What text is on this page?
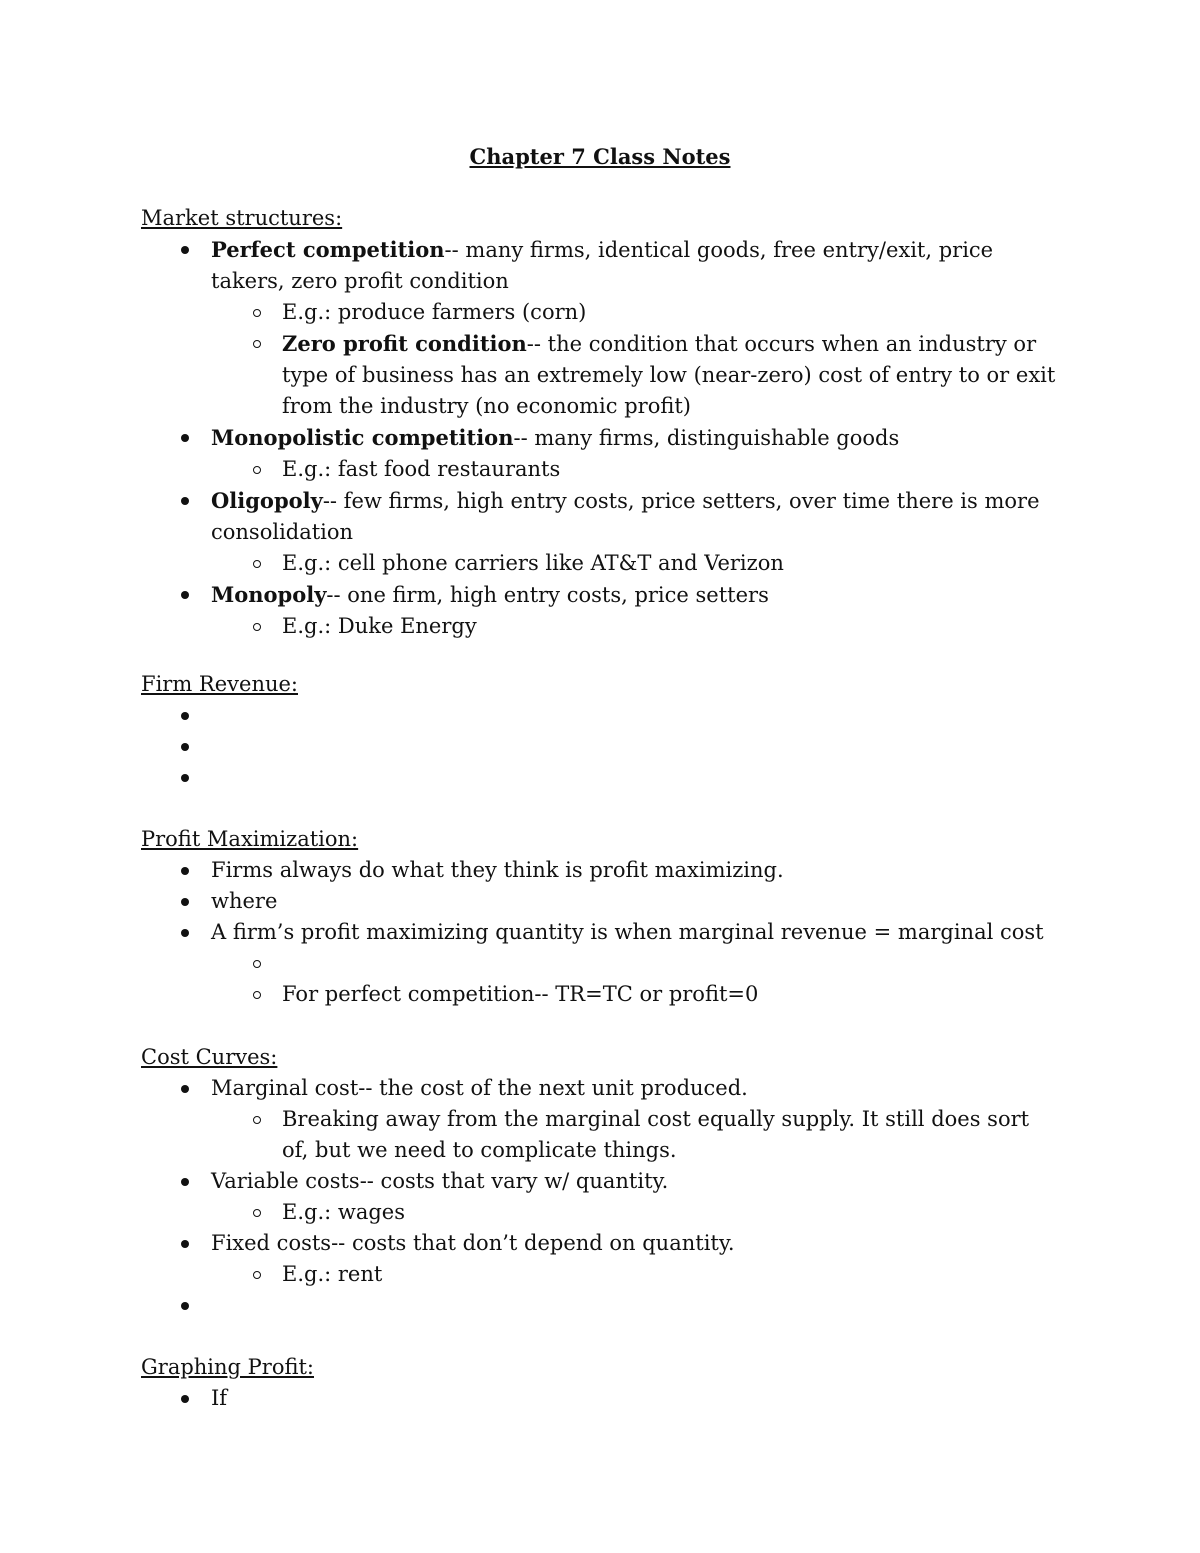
Chapter 7 Class Notes
Market structures:
Perfect competition-- many firms, identical goods, free entry/exit, price takers, zero profit condition
E.g.: produce farmers (corn)
Zero profit condition-- the condition that occurs when an industry or type of business has an extremely low (near-zero) cost of entry to or exit from the industry (no economic profit)
Monopolistic competition-- many firms, distinguishable goods
E.g.: fast food restaurants
Oligopoly-- few firms, high entry costs, price setters, over time there is more consolidation
E.g.: cell phone carriers like AT&T and Verizon
Monopoly-- one firm, high entry costs, price setters
E.g.: Duke Energy
Firm Revenue:
Profit Maximization:
Firms always do what they think is profit maximizing.
where
A firm’s profit maximizing quantity is when marginal revenue = marginal cost
For perfect competition-- TR=TC or profit=0
Cost Curves:
Marginal cost-- the cost of the next unit produced.
Breaking away from the marginal cost equally supply. It still does sort of, but we need to complicate things.
Variable costs-- costs that vary w/ quantity.
E.g.: wages
Fixed costs-- costs that don’t depend on quantity.
E.g.: rent
Graphing Profit:
If
